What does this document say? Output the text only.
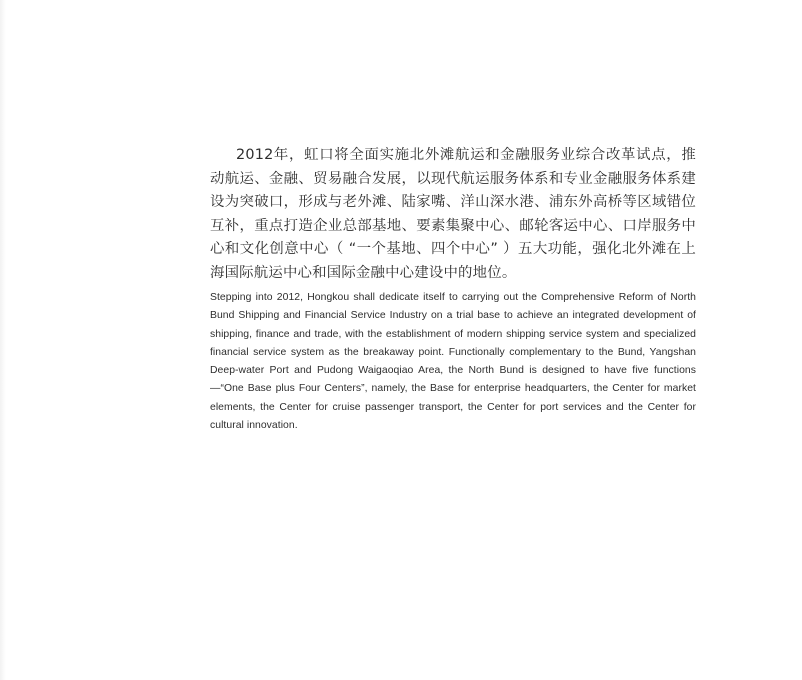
2012年，虹口将全面实施北外滩航运和金融服务业综合改革试点，推动航运、金融、贸易融合发展，以现代航运服务体系和专业金融服务体系建设为突破口，形成与老外滩、陆家嘴、洋山深水港、浦东外高桥等区域错位互补，重点打造企业总部基地、要素集聚中心、邮轮客运中心、口岸服务中心和文化创意中心（ “一个基地、四个中心” ）五大功能，强化北外滩在上海国际航运中心和国际金融中心建设中的地位。

Stepping into 2012, Hongkou shall dedicate itself to carrying out the Comprehensive Reform of North Bund Shipping and Financial Service Industry on a trial base to achieve an integrated development of shipping, finance and trade, with the establishment of modern shipping service system and specialized financial service system as the breakaway point. Functionally complementary to the Bund, Yangshan Deep-water Port and Pudong Waigaoqiao Area, the North Bund is designed to have five functions—“One Base plus Four Centers”, namely, the Base for enterprise headquarters, the Center for market elements, the Center for cruise passenger transport, the Center for port services and the Center for cultural innovation.
